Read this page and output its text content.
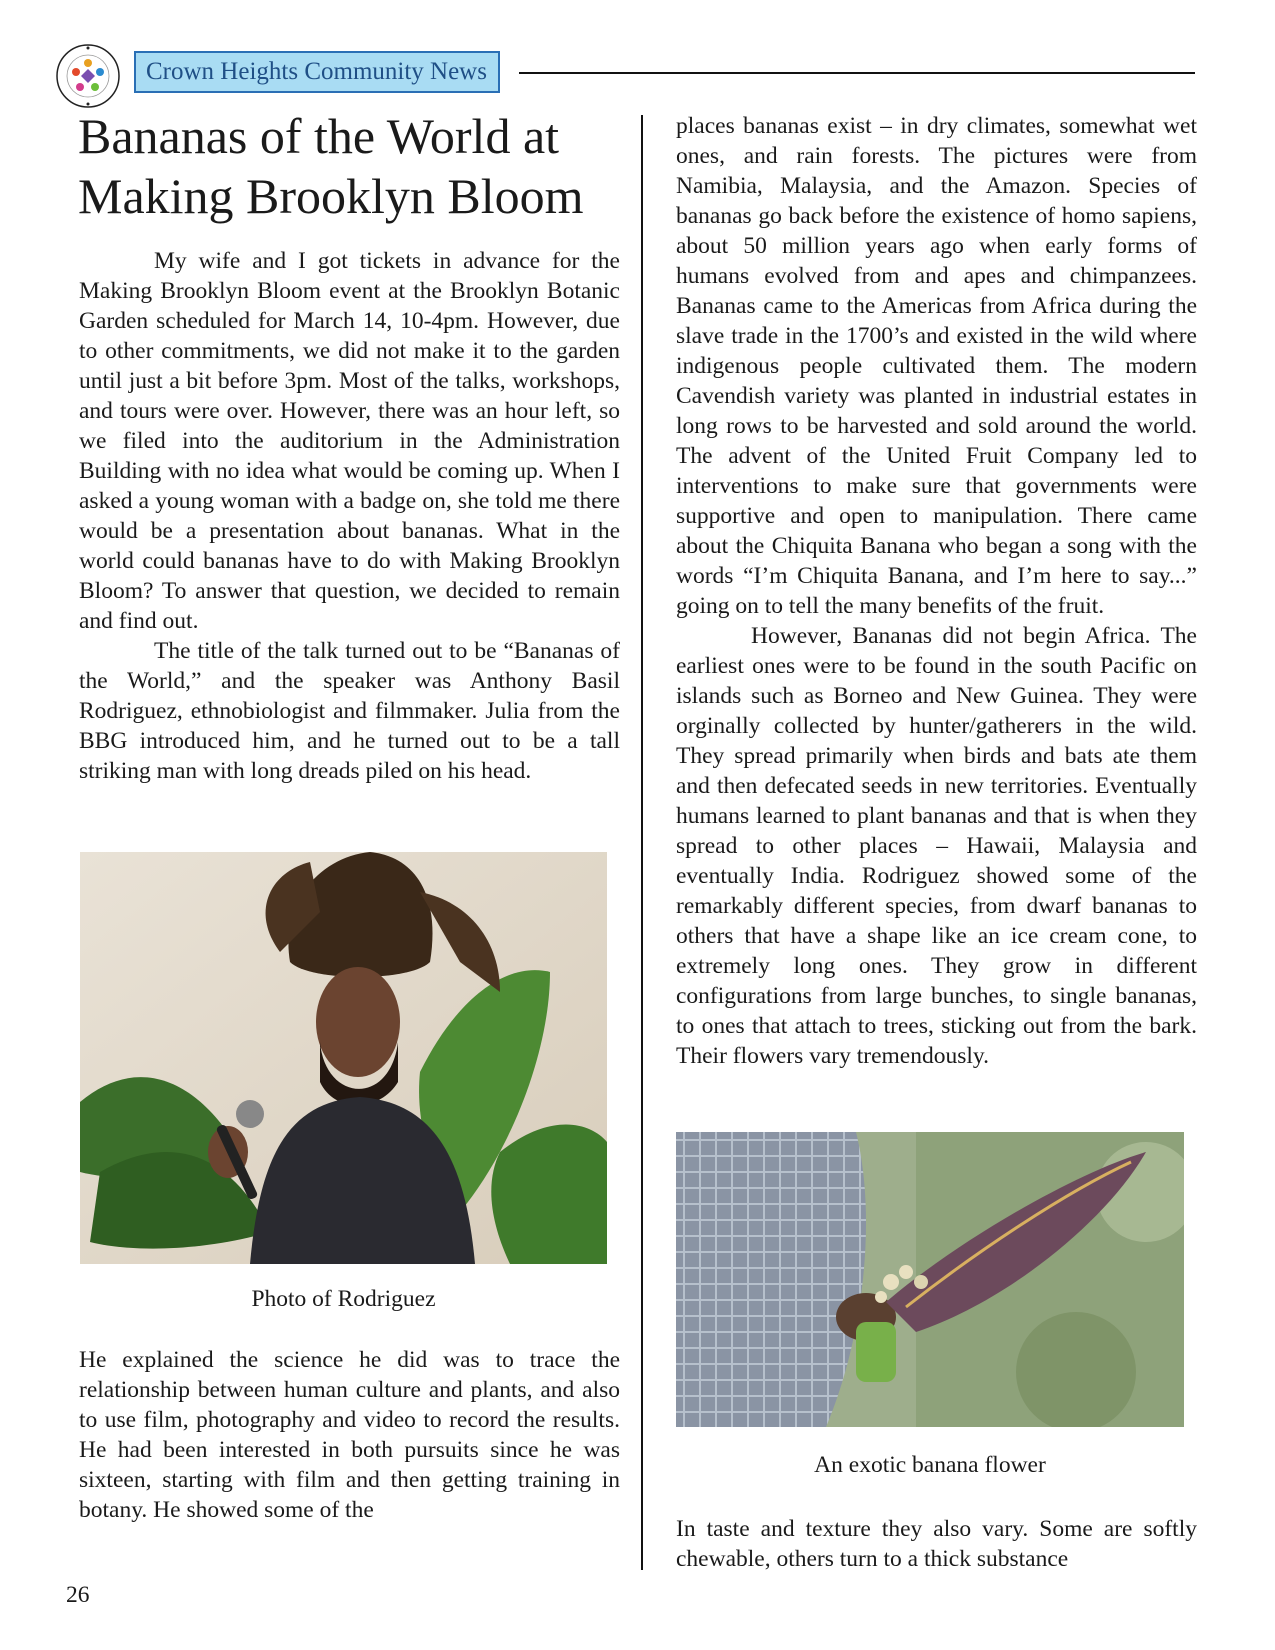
Crown Heights Community News
Bananas of the World at Making Brooklyn Bloom

My wife and I got tickets in advance for the Making Brooklyn Bloom event at the Brooklyn Botanic Garden scheduled for March 14, 10-4pm. However, due to other commitments, we did not make it to the garden until just a bit before 3pm. Most of the talks, workshops, and tours were over. However, there was an hour left, so we filed into the auditorium in the Administration Building with no idea what would be coming up. When I asked a young woman with a badge on, she told me there would be a presentation about bananas. What in the world could bananas have to do with Making Brooklyn Bloom? To answer that question, we decided to remain and find out.

The title of the talk turned out to be “Bananas of the World,” and the speaker was Anthony Basil Rodriguez, ethnobiologist and filmmaker. Julia from the BBG introduced him, and he turned out to be a tall striking man with long dreads piled on his head.

Photo of Rodriguez

He explained the science he did was to trace the relationship between human culture and plants, and also to use film, photography and video to record the results. He had been interested in both pursuits since he was sixteen, starting with film and then getting training in botany. He showed some of the

places bananas exist – in dry climates, somewhat wet ones, and rain forests. The pictures were from Namibia, Malaysia, and the Amazon. Species of bananas go back before the existence of homo sapiens, about 50 million years ago when early forms of humans evolved from and apes and chimpanzees. Bananas came to the Americas from Africa during the slave trade in the 1700’s and existed in the wild where indigenous people cultivated them. The modern Cavendish variety was planted in industrial estates in long rows to be harvested and sold around the world. The advent of the United Fruit Company led to interventions to make sure that governments were supportive and open to manipulation. There came about the Chiquita Banana who began a song with the words “I’m Chiquita Banana, and I’m here to say...” going on to tell the many benefits of the fruit.

However, Bananas did not begin Africa. The earliest ones were to be found in the south Pacific on islands such as Borneo and New Guinea. They were orginally collected by hunter/gatherers in the wild. They spread primarily when birds and bats ate them and then defecated seeds in new territories. Eventually humans learned to plant bananas and that is when they spread to other places – Hawaii, Malaysia and eventually India. Rodriguez showed some of the remarkably different species, from dwarf bananas to others that have a shape like an ice cream cone, to extremely long ones. They grow in different configurations from large bunches, to single bananas, to ones that attach to trees, sticking out from the bark. Their flowers vary tremendously.

An exotic banana flower

In taste and texture they also vary. Some are softly chewable, others turn to a thick substance

26
